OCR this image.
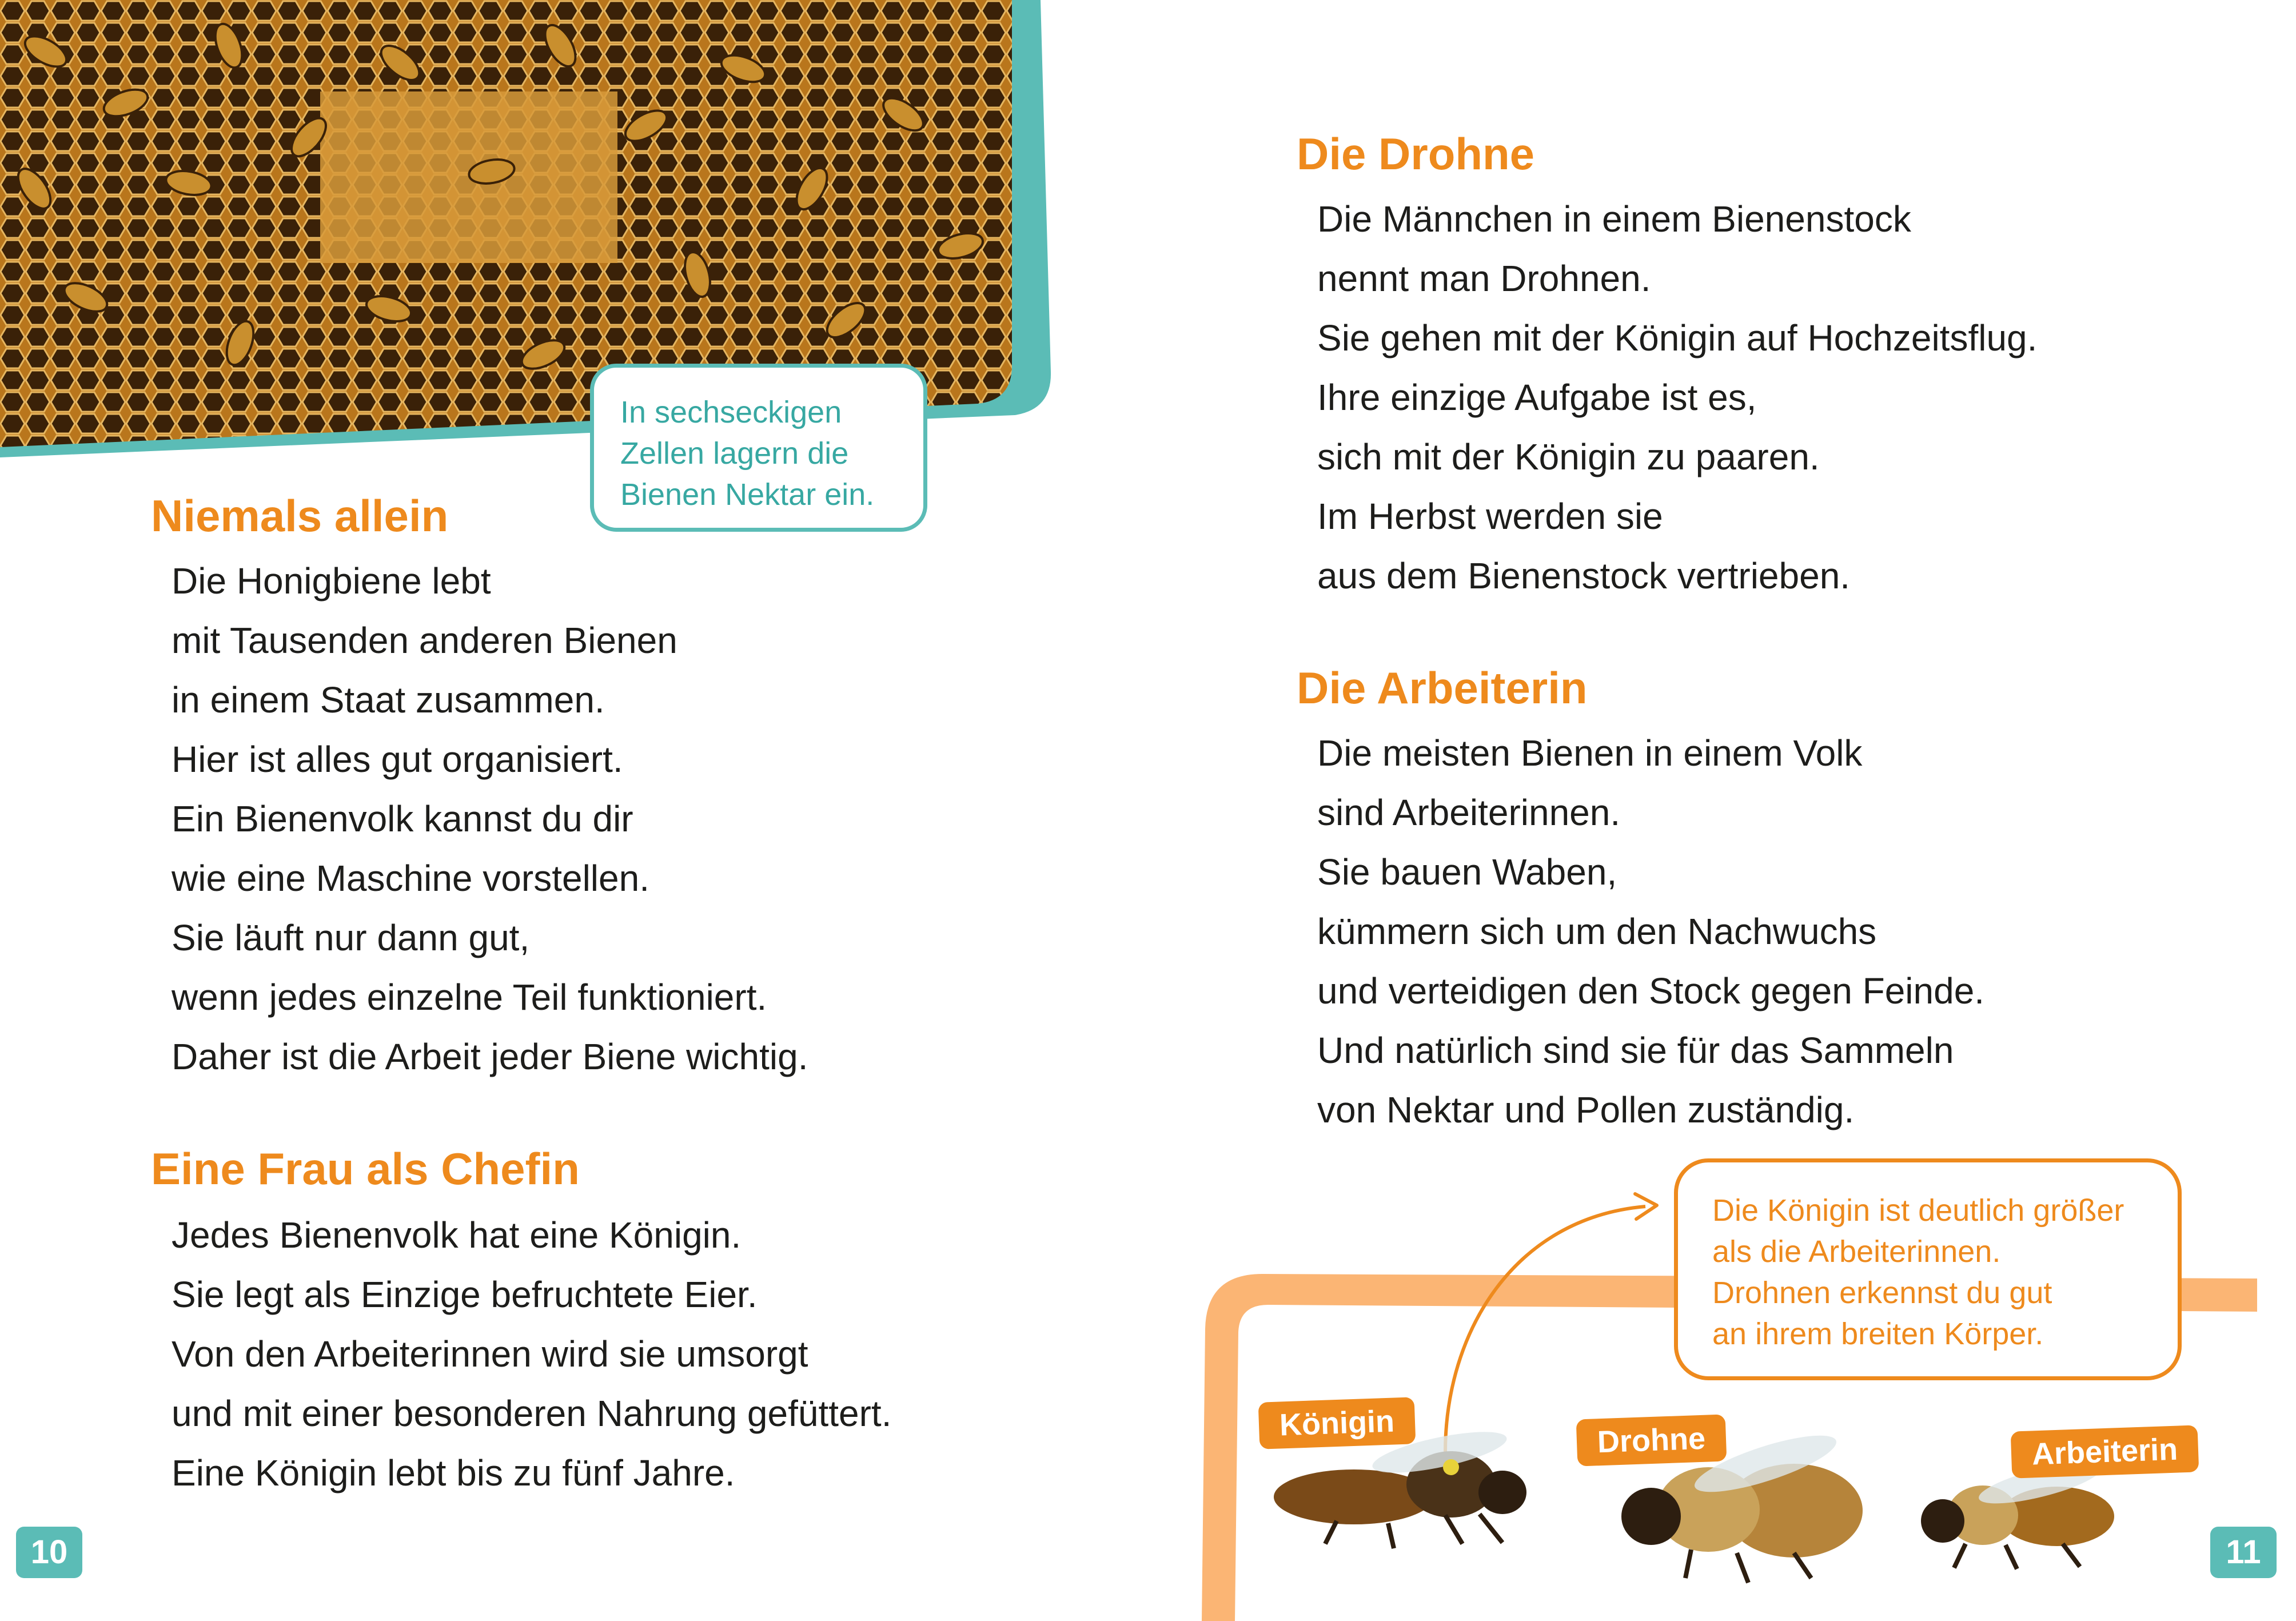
In sechseckigen
Zellen lagern die
Bienen Nektar ein.
Niemals allein
Die Honigbiene lebt
mit Tausenden anderen Bienen
in einem Staat zusammen.
Hier ist alles gut organisiert.
Ein Bienenvolk kannst du dir
wie eine Maschine vorstellen.
Sie läuft nur dann gut,
wenn jedes einzelne Teil funktioniert.
Daher ist die Arbeit jeder Biene wichtig.
Eine Frau als Chefin
Jedes Bienenvolk hat eine Königin.
Sie legt als Einzige befruchtete Eier.
Von den Arbeiterinnen wird sie umsorgt
und mit einer besonderen Nahrung gefüttert.
Eine Königin lebt bis zu fünf Jahre.
10
Die Drohne
Die Männchen in einem Bienenstock
nennt man Drohnen.
Sie gehen mit der Königin auf Hochzeitsflug.
Ihre einzige Aufgabe ist es,
sich mit der Königin zu paaren.
Im Herbst werden sie
aus dem Bienenstock vertrieben.
Die Arbeiterin
Die meisten Bienen in einem Volk
sind Arbeiterinnen.
Sie bauen Waben,
kümmern sich um den Nachwuchs
und verteidigen den Stock gegen Feinde.
Und natürlich sind sie für das Sammeln
von Nektar und Pollen zuständig.
Die Königin ist deutlich größer
als die Arbeiterinnen.
Drohnen erkennst du gut
an ihrem breiten Körper.
Königin	Drohne	Arbeiterin
11
